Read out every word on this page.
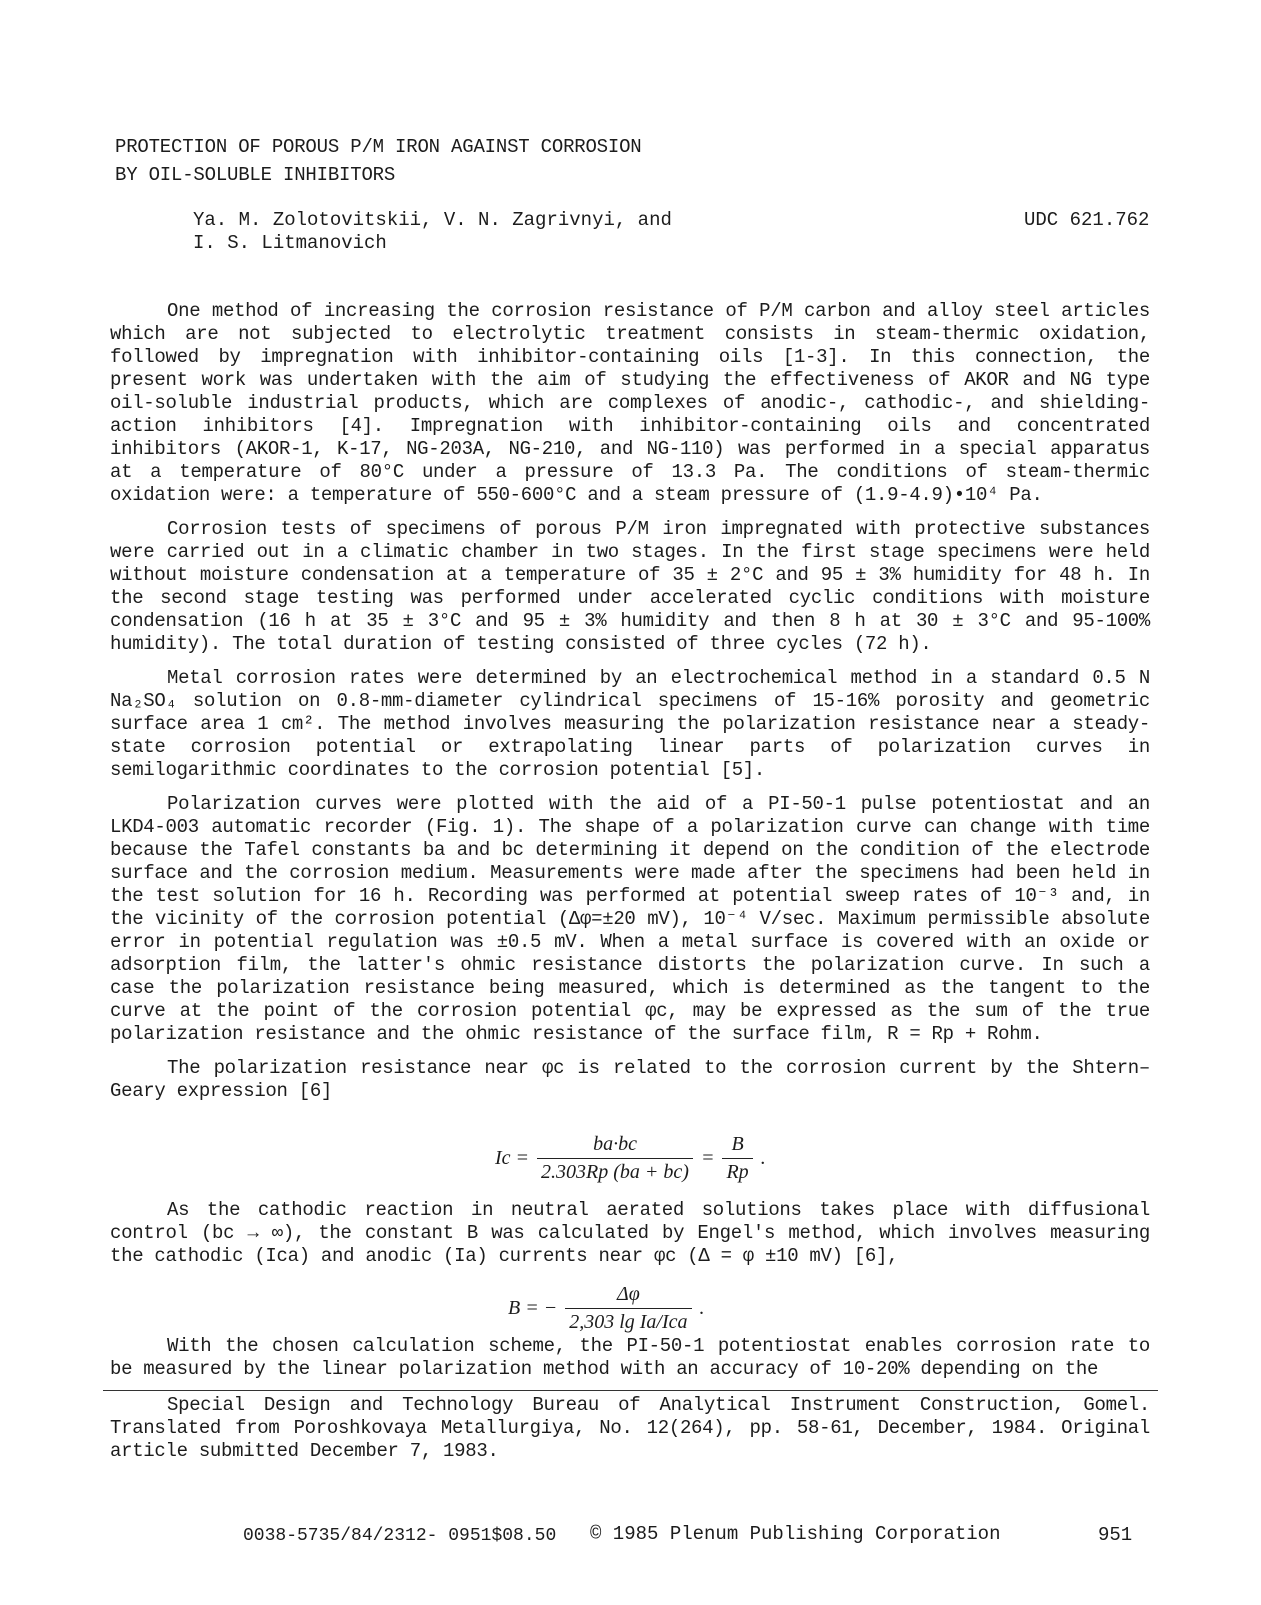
PROTECTION OF POROUS P/M IRON AGAINST CORROSION
BY OIL-SOLUBLE INHIBITORS
Ya. M. Zolotovitskii, V. N. Zagrivnyi, and
I. S. Litmanovich
UDC 621.762

One method of increasing the corrosion resistance of P/M carbon and alloy steel articles which are not subjected to electrolytic treatment consists in steam-thermic oxidation, followed by impregnation with inhibitor-containing oils [1-3]. In this connection, the present work was undertaken with the aim of studying the effectiveness of AKOR and NG type oil-soluble industrial products, which are complexes of anodic-, cathodic-, and shielding-action inhibitors [4]. Impregnation with inhibitor-containing oils and concentrated inhibitors (AKOR-1, K-17, NG-203A, NG-210, and NG-110) was performed in a special apparatus at a temperature of 80°C under a pressure of 13.3 Pa. The conditions of steam-thermic oxidation were: a temperature of 550-600°C and a steam pressure of (1.9-4.9)•10⁴ Pa.

Corrosion tests of specimens of porous P/M iron impregnated with protective substances were carried out in a climatic chamber in two stages. In the first stage specimens were held without moisture condensation at a temperature of 35 ± 2°C and 95 ± 3% humidity for 48 h. In the second stage testing was performed under accelerated cyclic conditions with moisture condensation (16 h at 35 ± 3°C and 95 ± 3% humidity and then 8 h at 30 ± 3°C and 95-100% humidity). The total duration of testing consisted of three cycles (72 h).

Metal corrosion rates were determined by an electrochemical method in a standard 0.5 N Na₂SO₄ solution on 0.8-mm-diameter cylindrical specimens of 15-16% porosity and geometric surface area 1 cm². The method involves measuring the polarization resistance near a steady-state corrosion potential or extrapolating linear parts of polarization curves in semilogarithmic coordinates to the corrosion potential [5].

Polarization curves were plotted with the aid of a PI-50-1 pulse potentiostat and an LKD4-003 automatic recorder (Fig. 1). The shape of a polarization curve can change with time because the Tafel constants ba and bc determining it depend on the condition of the electrode surface and the corrosion medium. Measurements were made after the specimens had been held in the test solution for 16 h. Recording was performed at potential sweep rates of 10⁻³ and, in the vicinity of the corrosion potential (Δφ=±20 mV), 10⁻⁴ V/sec. Maximum permissible absolute error in potential regulation was ±0.5 mV. When a metal surface is covered with an oxide or adsorption film, the latter's ohmic resistance distorts the polarization curve. In such a case the polarization resistance being measured, which is determined as the tangent to the curve at the point of the corrosion potential φc, may be expressed as the sum of the true polarization resistance and the ohmic resistance of the surface film, R = Rp + Rohm.

The polarization resistance near φc is related to the corrosion current by the Shtern–Geary expression [6]

$Ic = \frac{ba\cdot bc}{2.303Rp (ba + bc)} = \frac{B}{Rp}$ .

As the cathodic reaction in neutral aerated solutions takes place with diffusional control (bc → ∞), the constant B was calculated by Engel's method, which involves measuring the cathodic (Ica) and anodic (Ia) currents near φc (Δ = φ ±10 mV) [6],

B = − $\frac{\Delta\varphi}{\text{2,303 lg Ia/Ica}}$ .

With the chosen calculation scheme, the PI-50-1 potentiostat enables corrosion rate to be measured by the linear polarization method with an accuracy of 10-20% depending on the

Special Design and Technology Bureau of Analytical Instrument Construction, Gomel. Translated from Poroshkovaya Metallurgiya, No. 12(264), pp. 58-61, December, 1984. Original article submitted December 7, 1983.

0038-5735/84/2312- 0951$08.50 © 1985 Plenum Publishing Corporation	951
